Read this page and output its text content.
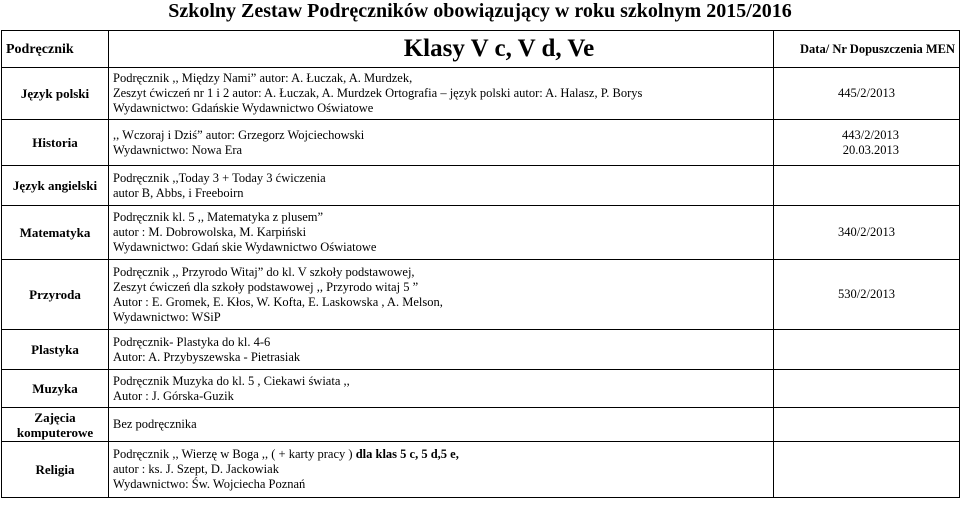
Szkolny Zestaw Podręczników obowiązujący w roku szkolnym 2015/2016
Podręcznik	Klasy V c, V d, Ve	Data/ Nr Dopuszczenia MEN
Język polski	Podręcznik ,, Między Nami” autor: A. Łuczak, A. Murdzek,
Zeszyt ćwiczeń nr 1 i 2 autor: A. Łuczak, A. Murdzek Ortografia – język polski autor: A. Halasz, P. Borys
Wydawnictwo: Gdańskie Wydawnictwo Oświatowe	445/2/2013

Historia	,, Wczoraj i Dziś” autor: Grzegorz Wojciechowski
Wydawnictwo: Nowa Era	443/2/2013
20.03.2013

Język angielski	Podręcznik ,,Today 3 + Today 3 ćwiczenia
autor B, Abbs, i Freeboirn	

Matematyka	Podręcznik kl. 5 ,, Matematyka z plusem”
autor : M. Dobrowolska, M. Karpiński
Wydawnictwo: Gdań skie Wydawnictwo Oświatowe	340/2/2013

Przyroda	Podręcznik ,, Przyrodo Witaj” do kl. V szkoły podstawowej,
Zeszyt ćwiczeń dla szkoły podstawowej ,, Przyrodo witaj 5 ”
Autor : E. Gromek, E. Kłos, W. Kofta, E. Laskowska , A. Melson,
Wydawnictwo: WSiP	530/2/2013

Plastyka	Podręcznik- Plastyka do kl. 4-6
Autor: A. Przybyszewska - Pietrasiak	

Muzyka	Podręcznik Muzyka do kl. 5 , Ciekawi świata ,,
Autor : J. Górska-Guzik	

Zajęcia komputerowe	Bez podręcznika	

Religia	Podręcznik ,, Wierzę w Boga ,, ( + karty pracy ) dla klas 5 c, 5 d,5 e,
autor : ks. J. Szept, D. Jackowiak
Wydawnictwo: Św. Wojciecha Poznań	
